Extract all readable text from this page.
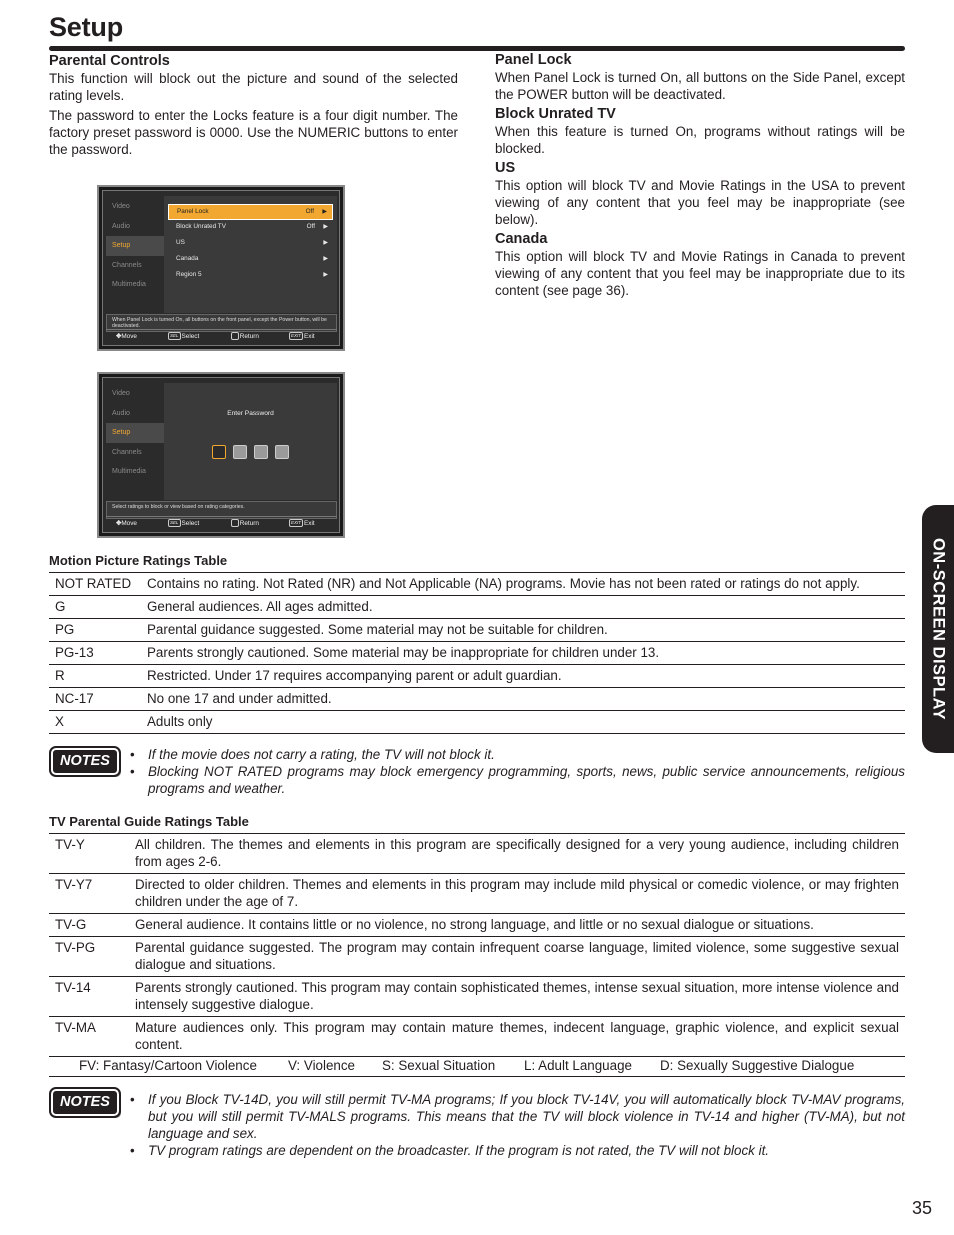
Setup
Parental Controls

This function will block out the picture and sound of the selected rating levels.

The password to enter the Locks feature is a four digit number. The factory preset password is 0000. Use the NUMERIC buttons to enter the password.

Panel Lock

When Panel Lock is turned On, all buttons on the Side Panel, except the POWER button will be deactivated.

Block Unrated TV

When this feature is turned On, programs without ratings will be blocked.

US

This option will block TV and Movie Ratings in the USA to prevent viewing of any content that you feel may be inappropriate (see below).

Canada

This option will block TV and Movie Ratings in Canada to prevent viewing of any content that you feel may be inappropriate due to its content (see page 36).

Video
Audio
Setup
Channels
Multimedia
Panel Lock	Off ▶
Block Unrated TV	Off ▶
US	▶
Canada	▶
Region 5	▶
When Panel Lock is turned On, all buttons on the front panel, except the Power button, will be deactivated.
✥Move	SEL Select	Return	EXIT Exit
Video
Audio
Setup
Channels
Multimedia
Enter Password
Select ratings to block or view based on rating categories.
✥Move	SEL Select	Return	EXIT Exit
ON-SCREEN DISPLAY
Motion Picture Ratings Table
NOT RATED	Contains no rating. Not Rated (NR) and Not Applicable (NA) programs. Movie has not been rated or ratings do not apply.
G	General audiences. All ages admitted.
PG	Parental guidance suggested. Some material may not be suitable for children.
PG-13	Parents strongly cautioned. Some material may be inappropriate for children under 13.
R	Restricted. Under 17 requires accompanying parent or adult guardian.
NC-17	No one 17 and under admitted.
X	Adults only
NOTES	• If the movie does not carry a rating, the TV will not block it.
• Blocking NOT RATED programs may block emergency programming, sports, news, public service announcements, religious programs and weather.
TV Parental Guide Ratings Table
TV-Y	All children. The themes and elements in this program are specifically designed for a very young audience, including children from ages 2-6.
TV-Y7	Directed to older children. Themes and elements in this program may include mild physical or comedic violence, or may frighten children under the age of 7.
TV-G	General audience. It contains little or no violence, no strong language, and little or no sexual dialogue or situations.
TV-PG	Parental guidance suggested. The program may contain infrequent coarse language, limited violence, some suggestive sexual dialogue and situations.
TV-14	Parents strongly cautioned. This program may contain sophisticated themes, intense sexual situation, more intense violence and intensely suggestive dialogue.
TV-MA	Mature audiences only. This program may contain mature themes, indecent language, graphic violence, and explicit sexual content.
FV: Fantasy/Cartoon Violence V: Violence S: Sexual Situation L: Adult Language D: Sexually Suggestive Dialogue
NOTES	• If you Block TV-14D, you will still permit TV-MA programs; If you block TV-14V, you will automatically block TV-MAV programs, but you will still permit TV-MALS programs. This means that the TV will block violence in TV-14 and higher (TV-MA), but not language and sex.
• TV program ratings are dependent on the broadcaster. If the program is not rated, the TV will not block it.
35
